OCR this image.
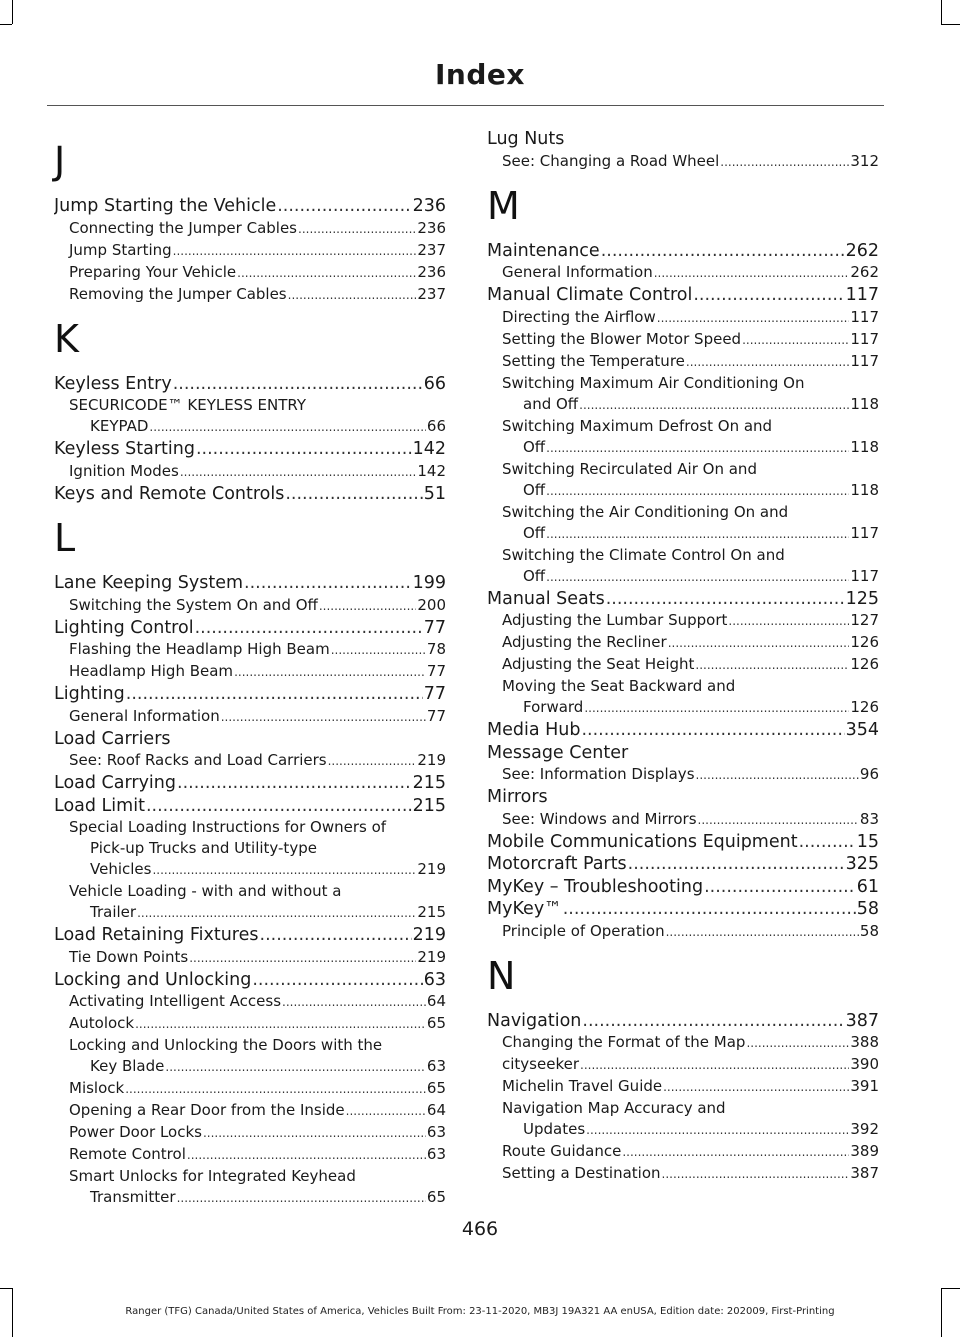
Index
J
Jump Starting the Vehicle .....	236
Connecting the Jumper Cables .....	236
Jump Starting .....	237
Preparing Your Vehicle .....	236
Removing the Jumper Cables .....	237
K
Keyless Entry .....	66
SECURICODE™ KEYLESS ENTRY
KEYPAD .....	66
Keyless Starting .....	142
Ignition Modes .....	142
Keys and Remote Controls .....	51
L
Lane Keeping System .....	199
Switching the System On and Off .....	200
Lighting Control .....	77
Flashing the Headlamp High Beam .....	78
Headlamp High Beam .....	77
Lighting .....	77
General Information .....	77
Load Carriers
See: Roof Racks and Load Carriers .....	219
Load Carrying .....	215
Load Limit .....	215
Special Loading Instructions for Owners of
Pick-up Trucks and Utility-type
Vehicles .....	219
Vehicle Loading - with and without a
Trailer .....	215
Load Retaining Fixtures .....	219
Tie Down Points .....	219
Locking and Unlocking .....	63
Activating Intelligent Access .....	64
Autolock .....	65
Locking and Unlocking the Doors with the
Key Blade .....	63
Mislock .....	65
Opening a Rear Door from the Inside .....	64
Power Door Locks .....	63
Remote Control .....	63
Smart Unlocks for Integrated Keyhead
Transmitter .....	65
Lug Nuts
See: Changing a Road Wheel .....	312
M
Maintenance .....	262
General Information .....	262
Manual Climate Control .....	117
Directing the Airflow .....	117
Setting the Blower Motor Speed .....	117
Setting the Temperature .....	117
Switching Maximum Air Conditioning On
and Off .....	118
Switching Maximum Defrost On and
Off .....	118
Switching Recirculated Air On and
Off .....	118
Switching the Air Conditioning On and
Off .....	117
Switching the Climate Control On and
Off .....	117
Manual Seats .....	125
Adjusting the Lumbar Support .....	127
Adjusting the Recliner .....	126
Adjusting the Seat Height .....	126
Moving the Seat Backward and
Forward .....	126
Media Hub .....	354
Message Center
See: Information Displays .....	96
Mirrors
See: Windows and Mirrors .....	83
Mobile Communications Equipment .....	15
Motorcraft Parts .....	325
MyKey – Troubleshooting .....	61
MyKey™ .....	58
Principle of Operation .....	58
N
Navigation .....	387
Changing the Format of the Map .....	388
cityseeker .....	390
Michelin Travel Guide .....	391
Navigation Map Accuracy and
Updates .....	392
Route Guidance .....	389
Setting a Destination .....	387
466
Ranger (TFG) Canada/United States of America, Vehicles Built From: 23-11-2020, MB3J 19A321 AA enUSA, Edition date: 202009, First-Printing
